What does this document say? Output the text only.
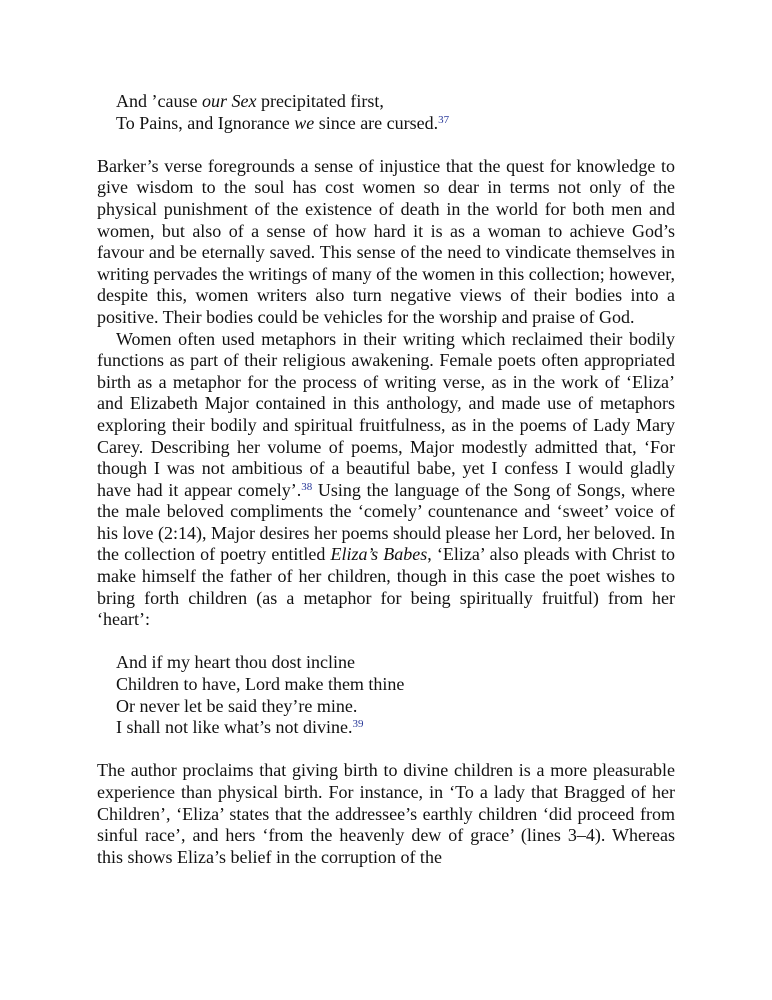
And ’cause our Sex precipitated first,
To Pains, and Ignorance we since are cursed.$^{37}$

Barker’s verse foregrounds a sense of injustice that the quest for knowledge to give wisdom to the soul has cost women so dear in terms not only of the physical punishment of the existence of death in the world for both men and women, but also of a sense of how hard it is as a woman to achieve God’s favour and be eternally saved. This sense of the need to vindicate themselves in writing pervades the writings of many of the women in this collection; however, despite this, women writers also turn negative views of their bodies into a positive. Their bodies could be vehicles for the worship and praise of God.

Women often used metaphors in their writing which reclaimed their bodily functions as part of their religious awakening. Female poets often appropriated birth as a metaphor for the process of writing verse, as in the work of ‘Eliza’ and Elizabeth Major contained in this anthology, and made use of metaphors exploring their bodily and spiritual fruitfulness, as in the poems of Lady Mary Carey. Describing her volume of poems, Major modestly admitted that, ‘For though I was not ambitious of a beautiful babe, yet I confess I would gladly have had it appear comely’.$^{38}$ Using the language of the Song of Songs, where the male beloved compliments the ‘comely’ countenance and ‘sweet’ voice of his love (2:14), Major desires her poems should please her Lord, her beloved. In the collection of poetry entitled Eliza’s Babes, ‘Eliza’ also pleads with Christ to make himself the father of her children, though in this case the poet wishes to bring forth children (as a metaphor for being spiritually fruitful) from her ‘heart’:

And if my heart thou dost incline
Children to have, Lord make them thine
Or never let be said they’re mine.
I shall not like what’s not divine.$^{39}$

The author proclaims that giving birth to divine children is a more pleasurable experience than physical birth. For instance, in ‘To a lady that Bragged of her Children’, ‘Eliza’ states that the addressee’s earthly children ‘did proceed from sinful race’, and hers ‘from the heavenly dew of grace’ (lines 3–4). Whereas this shows Eliza’s belief in the corruption of the
